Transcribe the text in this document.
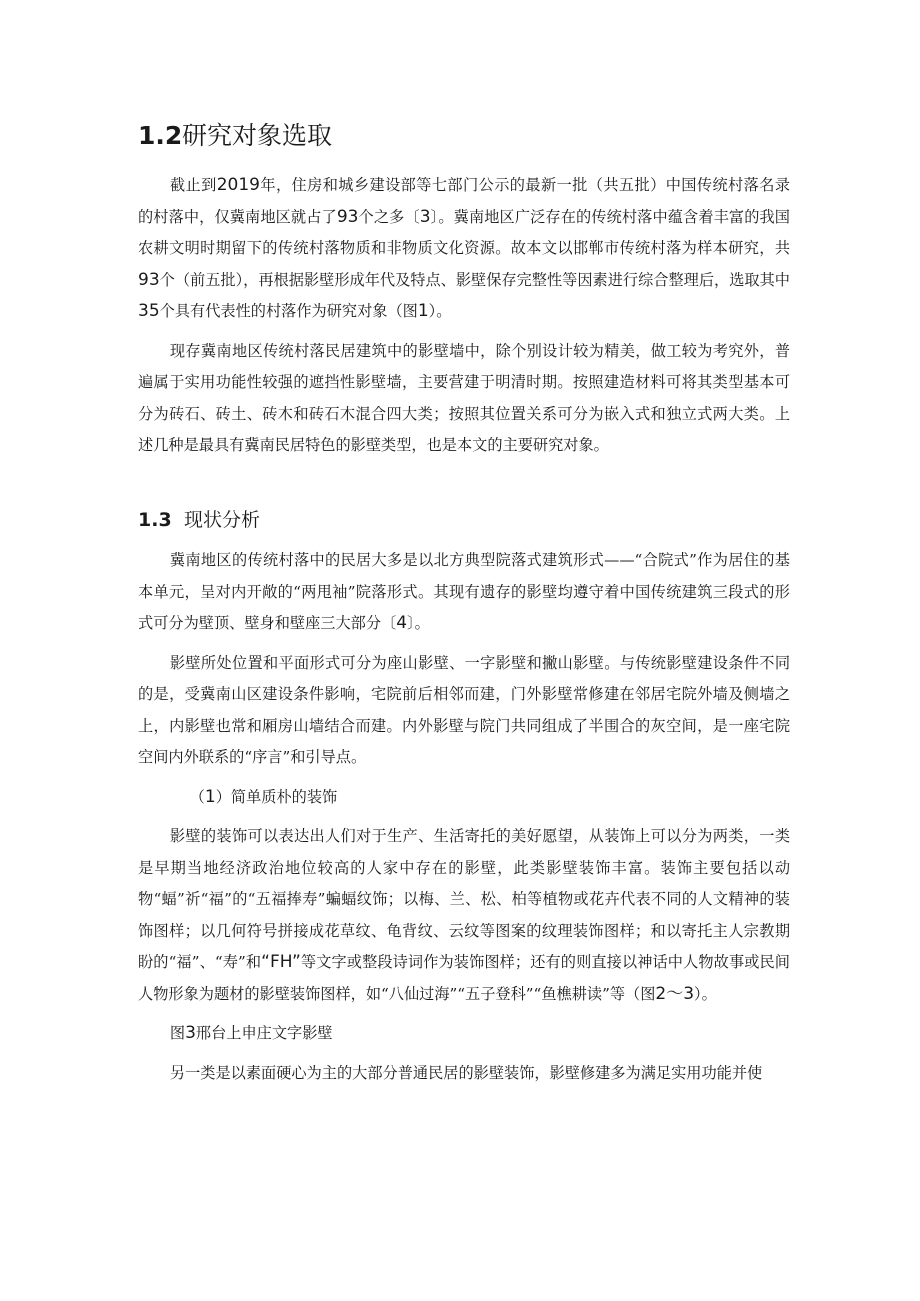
1.2研究对象选取

截止到2019年，住房和城乡建设部等七部门公示的最新一批（共五批）中国传统村落名录的村落中，仅冀南地区就占了93个之多〔3〕。冀南地区广泛存在的传统村落中蕴含着丰富的我国农耕文明时期留下的传统村落物质和非物质文化资源。故本文以邯郸市传统村落为样本研究，共93个（前五批），再根据影壁形成年代及特点、影壁保存完整性等因素进行综合整理后，选取其中35个具有代表性的村落作为研究对象（图1）。

现存冀南地区传统村落民居建筑中的影壁墙中，除个别设计较为精美，做工较为考究外，普遍属于实用功能性较强的遮挡性影壁墙，主要营建于明清时期。按照建造材料可将其类型基本可分为砖石、砖土、砖木和砖石木混合四大类；按照其位置关系可分为嵌入式和独立式两大类。上述几种是最具有冀南民居特色的影壁类型，也是本文的主要研究对象。

1.3 现状分析

冀南地区的传统村落中的民居大多是以北方典型院落式建筑形式——“合院式”作为居住的基本单元，呈对内开敞的“两甩袖”院落形式。其现有遗存的影壁均遵守着中国传统建筑三段式的形式可分为壁顶、壁身和壁座三大部分〔4〕。

影壁所处位置和平面形式可分为座山影壁、一字影壁和撇山影壁。与传统影壁建设条件不同的是，受冀南山区建设条件影响，宅院前后相邻而建，门外影壁常修建在邻居宅院外墙及侧墙之上，内影壁也常和厢房山墙结合而建。内外影壁与院门共同组成了半围合的灰空间，是一座宅院空间内外联系的“序言”和引导点。

（1）简单质朴的装饰

影壁的装饰可以表达出人们对于生产、生活寄托的美好愿望，从装饰上可以分为两类，一类是早期当地经济政治地位较高的人家中存在的影壁，此类影壁装饰丰富。装饰主要包括以动物“蝠”祈“福”的“五福捧寿”蝙蝠纹饰；以梅、兰、松、柏等植物或花卉代表不同的人文精神的装饰图样；以几何符号拼接成花草纹、龟背纹、云纹等图案的纹理装饰图样；和以寄托主人宗教期盼的“福”、“寿”和“FH”等文字或整段诗词作为装饰图样；还有的则直接以神话中人物故事或民间人物形象为题材的影壁装饰图样，如“八仙过海”“五子登科”“鱼樵耕读”等（图2～3）。

图3邢台上申庄文字影壁

另一类是以素面硬心为主的大部分普通民居的影壁装饰，影壁修建多为满足实用功能并使
